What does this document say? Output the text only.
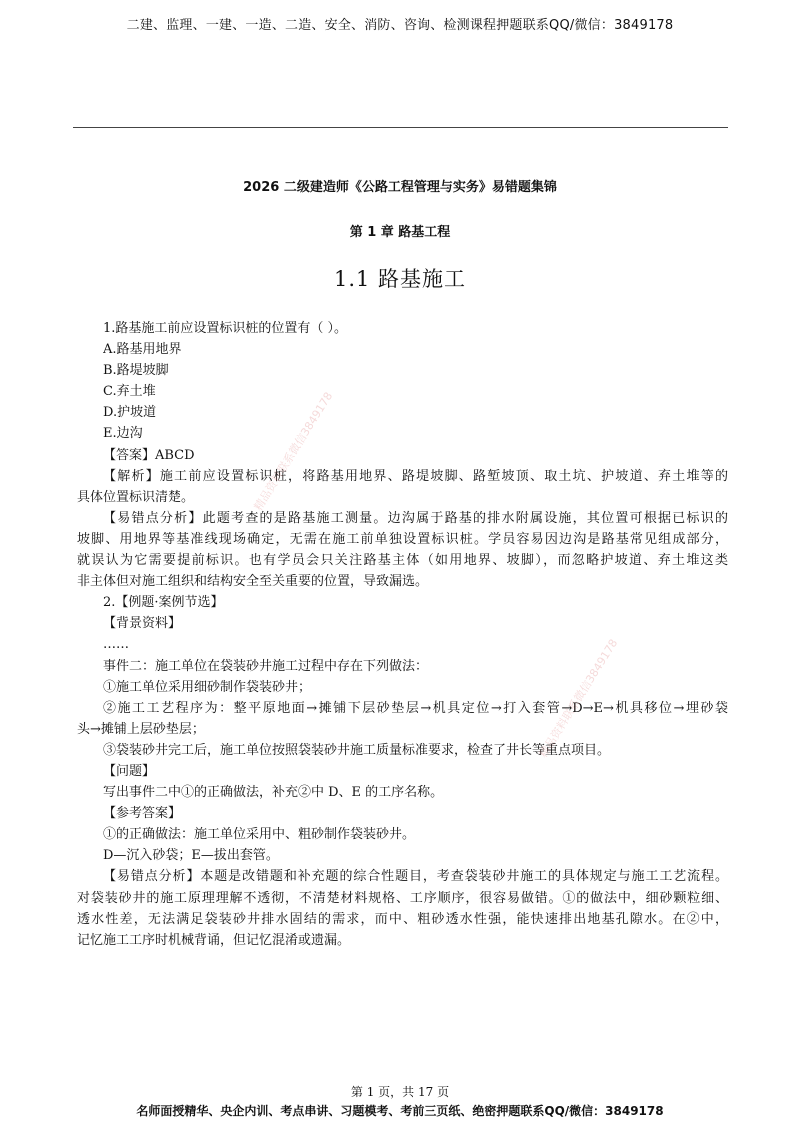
二建、监理、一建、一造、二造、安全、消防、咨询、检测课程押题联系QQ/微信：3849178
2026 二级建造师《公路工程管理与实务》易错题集锦
第 1 章 路基工程
1.1 路基施工
1.路基施工前应设置标识桩的位置有（ ）。
A.路基用地界
B.路堤坡脚
C.弃土堆
D.护坡道
E.边沟
【答案】ABCD
【解析】施工前应设置标识桩，将路基用地界、路堤坡脚、路堑坡顶、取土坑、护坡道、弃土堆等的
具体位置标识清楚。
【易错点分析】此题考查的是路基施工测量。边沟属于路基的排水附属设施，其位置可根据已标识的
坡脚、用地界等基准线现场确定，无需在施工前单独设置标识桩。学员容易因边沟是路基常见组成部分，
就误认为它需要提前标识。也有学员会只关注路基主体（如用地界、坡脚），而忽略护坡道、弃土堆这类
非主体但对施工组织和结构安全至关重要的位置，导致漏选。
2.【例题·案例节选】
【背景资料】
……
事件二：施工单位在袋装砂井施工过程中存在下列做法：
①施工单位采用细砂制作袋装砂井；
②施工工艺程序为：整平原地面→摊铺下层砂垫层→机具定位→打入套管→D→E→机具移位→埋砂袋
头→摊铺上层砂垫层；
③袋装砂井完工后，施工单位按照袋装砂井施工质量标准要求，检查了井长等重点项目。
【问题】
写出事件二中①的正确做法，补充②中 D、E 的工序名称。
【参考答案】
①的正确做法：施工单位采用中、粗砂制作袋装砂井。
D—沉入砂袋；E—拔出套管。
【易错点分析】本题是改错题和补充题的综合性题目，考查袋装砂井施工的具体规定与施工工艺流程。
对袋装砂井的施工原理理解不透彻，不清楚材料规格、工序顺序，很容易做错。①的做法中，细砂颗粒细、
透水性差，无法满足袋装砂井排水固结的需求，而中、粗砂透水性强，能快速排出地基孔隙水。在②中，
记忆施工工序时机械背诵，但记忆混淆或遗漏。
精品资料联系微信3849178
精品资料联系微信3849178
第 1 页，共 17 页
名师面授精华、央企内训、考点串讲、习题模考、考前三页纸、绝密押题联系QQ/微信：3849178
